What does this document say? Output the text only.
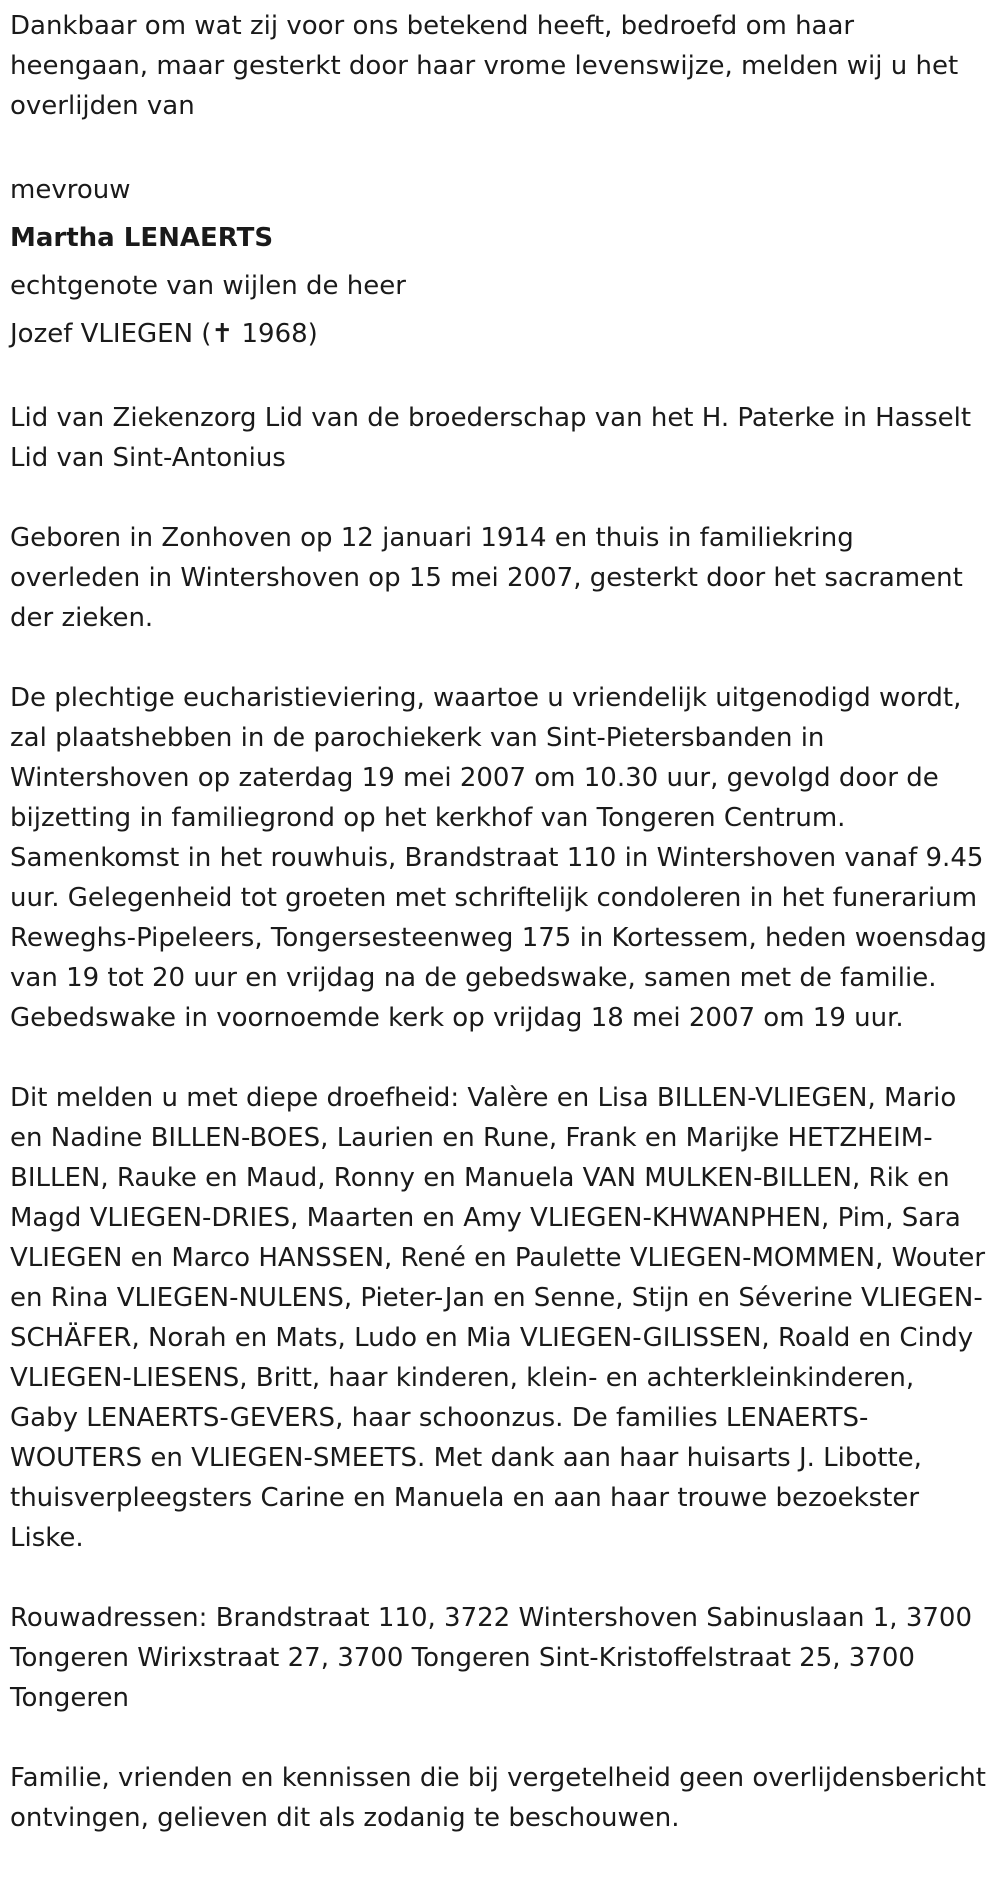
Dankbaar om wat zij voor ons betekend heeft, bedroefd om haar heengaan, maar gesterkt door haar vrome levenswijze, melden wij u het overlijden van

mevrouw

Martha LENAERTS

echtgenote van wijlen de heer

Jozef VLIEGEN (✝ 1968)

Lid van Ziekenzorg Lid van de broederschap van het H. Paterke in Hasselt Lid van Sint-Antonius

Geboren in Zonhoven op 12 januari 1914 en thuis in familiekring overleden in Wintershoven op 15 mei 2007, gesterkt door het sacrament der zieken.

De plechtige eucharistieviering, waartoe u vriendelijk uitgenodigd wordt, zal plaatshebben in de parochiekerk van Sint-Pietersbanden in Wintershoven op zaterdag 19 mei 2007 om 10.30 uur, gevolgd door de bijzetting in familiegrond op het kerkhof van Tongeren Centrum. Samenkomst in het rouwhuis, Brandstraat 110 in Wintershoven vanaf 9.45 uur. Gelegenheid tot groeten met schriftelijk condoleren in het funerarium Reweghs-Pipeleers, Tongersesteenweg 175 in Kortessem, heden woensdag van 19 tot 20 uur en vrijdag na de gebedswake, samen met de familie. Gebedswake in voornoemde kerk op vrijdag 18 mei 2007 om 19 uur.

Dit melden u met diepe droefheid: Valère en Lisa BILLEN-VLIEGEN, Mario en Nadine BILLEN-BOES, Laurien en Rune, Frank en Marijke HETZHEIM-BILLEN, Rauke en Maud, Ronny en Manuela VAN MULKEN-BILLEN, Rik en Magd VLIEGEN-DRIES, Maarten en Amy VLIEGEN-KHWANPHEN, Pim, Sara VLIEGEN en Marco HANSSEN, René en Paulette VLIEGEN-MOMMEN, Wouter en Rina VLIEGEN-NULENS, Pieter-Jan en Senne, Stijn en Séverine VLIEGEN-SCHÄFER, Norah en Mats, Ludo en Mia VLIEGEN-GILISSEN, Roald en Cindy VLIEGEN-LIESENS, Britt, haar kinderen, klein- en achterkleinkinderen, Gaby LENAERTS-GEVERS, haar schoonzus. De families LENAERTS-WOUTERS en VLIEGEN-SMEETS. Met dank aan haar huisarts J. Libotte, thuisverpleegsters Carine en Manuela en aan haar trouwe bezoekster Liske.

Rouwadressen: Brandstraat 110, 3722 Wintershoven Sabinuslaan 1, 3700 Tongeren Wirixstraat 27, 3700 Tongeren Sint-Kristoffelstraat 25, 3700 Tongeren

Familie, vrienden en kennissen die bij vergetelheid geen overlijdensbericht ontvingen, gelieven dit als zodanig te beschouwen.
